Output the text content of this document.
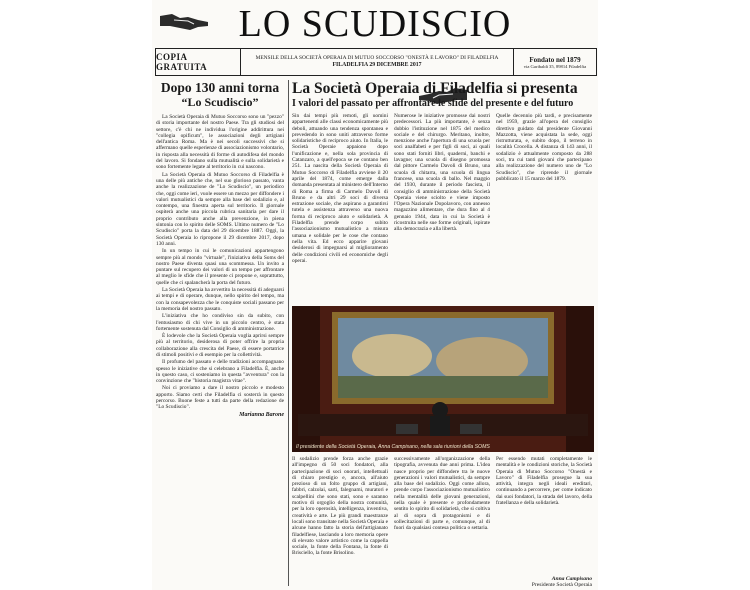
LO SCUDISCIO
COPIA GRATUITA
MENSILE DELLA SOCIETÀ OPERAIA DI MUTUO SOCCORSO "ONESTÀ E LAVORO" DI FILADELFIA
FILADELFIA 29 DICEMBRE 2017
Fondato nel 1879
via Garibaldi 35, 89814 Filadelfia
Dopo 130 anni torna
“Lo Scudiscio”

La Società Operaia di Mutuo Soccorso sono un "pezzo" di storia importante del nostro Paese. Tra gli studiosi del settore, c'è chi ne individua l'origine addirittura nei "collegia opificum", le associazioni degli artigiani dell'antica Roma. Ma è nei secoli successivi che si affermano quelle esperienze di associazionismo volontario, in risposta alla necessità di forme di autodifesa del mondo del lavoro. Si fondano sulla mutualità e sulla solidarietà e sono fortemente legate al territorio in cui nascono.

La Società Operaia di Mutuo Soccorso di Filadelfia è una delle più antiche che, nel suo glorioso passato, vanta anche la realizzazione de "Lo Scudiscio", un periodico che, oggi come ieri, vuole essere un mezzo per diffondere i valori mutualistici da sempre alla base del sodalizio e, al contempo, una finestra aperta sul territorio. Il giornale ospiterà anche una piccola rubrica sanitaria per dare il proprio contributo anche alla prevenzione, in piena sintonia con lo spirito delle SOMS. Ultimo numero de "Lo Scudiscio" porta la data del 29 dicembre 1887. Oggi, la Società Operaia lo ripropone il 29 dicembre 2017, dopo 130 anni.

In un tempo in cui le comunicazioni appartengono sempre più al mondo "virtuale", l'iniziativa della Soms del nostro Paese diventa quasi una scommessa. Un invito a puntare sul recupero dei valori di un tempo per affrontare al meglio le sfide che il presente ci propone e, soprattutto, quelle che ci spalancherà la porta del futuro.

La Società Operaia ha avvertito la necessità di adeguarsi ai tempi e di operare, dunque, nello spirito del tempo, ma con la consapevolezza che le conquiste sociali passano per la memoria del nostro passato.

L'iniziativa che ho condiviso sin da subito, con l'entusiasmo di chi vive in un piccolo centro, è stata fortemente sostenuta dal Consiglio di amministrazione.

È lodevole che la Società Operaia voglia aprirsi sempre più al territorio, desiderosa di poter offrire la propria collaborazione alla crescita del Paese, di essere portatrice di stimoli positivi e di esempio per la collettività.

Il profumo del passato e delle tradizioni accompagnano spesso le iniziative che si celebrano a Filadelfia. È, anche in questo caso, ci sosteniamo in questa "avventura" con la convinzione che "historia magistra vitae".

Noi ci proviamo a dare il nostro piccolo e modesto apporto. Siamo certi che Filadelfia ci sosterrà in questo percorso. Buone feste a tutti da parte della redazione de "Lo Scudiscio".

Marianna Barone
La Società Operaia di Filadelfia si presenta
I valori del passato per affrontare le sfide del presente e del futuro
Sin dai tempi più remoti, gli uomini appartenenti alle classi economicamente più deboli, attuando una tendenza spontanea e prevedendo in sono uniti attraverso forme solidaristiche di reciproco aiuto. In Italia, le Società Operaie appaiono dopo l'unificazione e, nella sola provincia di Catanzaro, a quell'epoca se ne contano ben 251. La nascita della Società Operaia di Mutuo Soccorso di Filadelfia avviene il 20 aprile del 1874, come emerge dalla domanda presentata al ministero dell'Interno di Roma a firma di Carmelo Davoli di Bruno e da altri 29 soci di diversa estrazione sociale, che aspirano a garantirsi tutela e assistenza attraverso una nuova forma di reciproco aiuto e solidarietà. A Filadelfia prende corpo subito l'associazionismo mutualistico a misura umana e solidale per le cose che contano nella vita. Ed ecco apparire giovani desiderosi di impegnarsi al miglioramento delle condizioni civili ed economiche degli operai.
Numerose le iniziative promosse dai nostri predecessori. La più importante, è senza dubbio l'istituzione nel 1875 del medico sociale e del chirurgo. Meritano, inoltre, menzione anche l'apertura di una scuola per soci analfabeti e per figli di soci, ai quali sono stati forniti libri, quaderni, banchi e lavagne; una scuola di disegno promossa dal pittore Carmelo Davoli di Bruno, una scuola di chitarra, una scuola di lingua francese, una scuola di ballo. Nel maggio del 1930, durante il periodo fascista, il consiglio di amministrazione della Società Operaia viene sciolto e viene imposto l'Opera Nazionale Dopolavoro, con annesso magazzino alimentare, che dura fino al 4 gennaio 1944, data in cui la Società è ricostruita nelle sue forme originali, ispirate alla democrazia e alla libertà.
Quelle decennio più tardi, e precisamente nel 1959, grazie all'opera del consiglio direttivo guidato dal presidente Giovanni Mazzotta, viene acquistata la sede, oggi ristrutturata, e, subito dopo, il terreno in località Crocella. A distanza di 143 anni, il sodalizio è attualmente composto da 288 soci, tra cui tanti giovani che partecipano alla realizzazione del numero uno de "Lo Scudiscio", che riprende il giornale pubblicato il 15 marzo del 1879.
Il presidente della Società Operaia, Anna Campisano, nella sala riunioni della SOMS
Il sodalizio prende forza anche grazie all'impegno di 50 soci fondatori, alla partecipazione di soci onorari, intellettuali di chiaro prestigio e, ancora, all'aiuto prezioso di un folto gruppo di artigiani, fabbri, calzolai, sarti, falegnami, muratori e scalpellini che sono stati, sono e saranno motivo di orgoglio della nostra comunità, per la loro operosità, intelligenza, inventiva, creatività e arte. Le più grandi maestranze locali sono transitate nella Società Operaia e alcune hanno fatto la storia dell'artigianato filadelfiese, lasciando a loro memoria opere di elevato valore artistico come la cappella sociale, la fonte della Fontana, la fonte di Brisciello, la fonte Brisolino.
successivamente all'organizzazione della tipografia, avvenuta due anni prima. L'idea nasce proprio per diffondere tra le nuove generazioni i valori mutualistici, da sempre alla base del sodalizio. Oggi come allora, prende corpo l'associazionismo mutualistico nella mentalità delle giovani generazioni, nella quale è presente e profondamente sentito lo spirito di solidarietà, che si coltiva al di sopra di protagonismi e di sollecitazioni di parte e, comunque, al di fuori da qualsiasi contesa politica o settaria.
Per essendo mutati completamente le mentalità e le condizioni storiche, la Società Operaia di Mutuo Soccorso "Onestà e Lavoro" di Filadelfia prosegue la sua attività, integra negli ideali ereditari, continuando a percorrere, per come indicato dai suoi fondatori, la strada del lavoro, della fratellanza e della solidarietà.
Anna Campisano
Presidente Società Operaia
